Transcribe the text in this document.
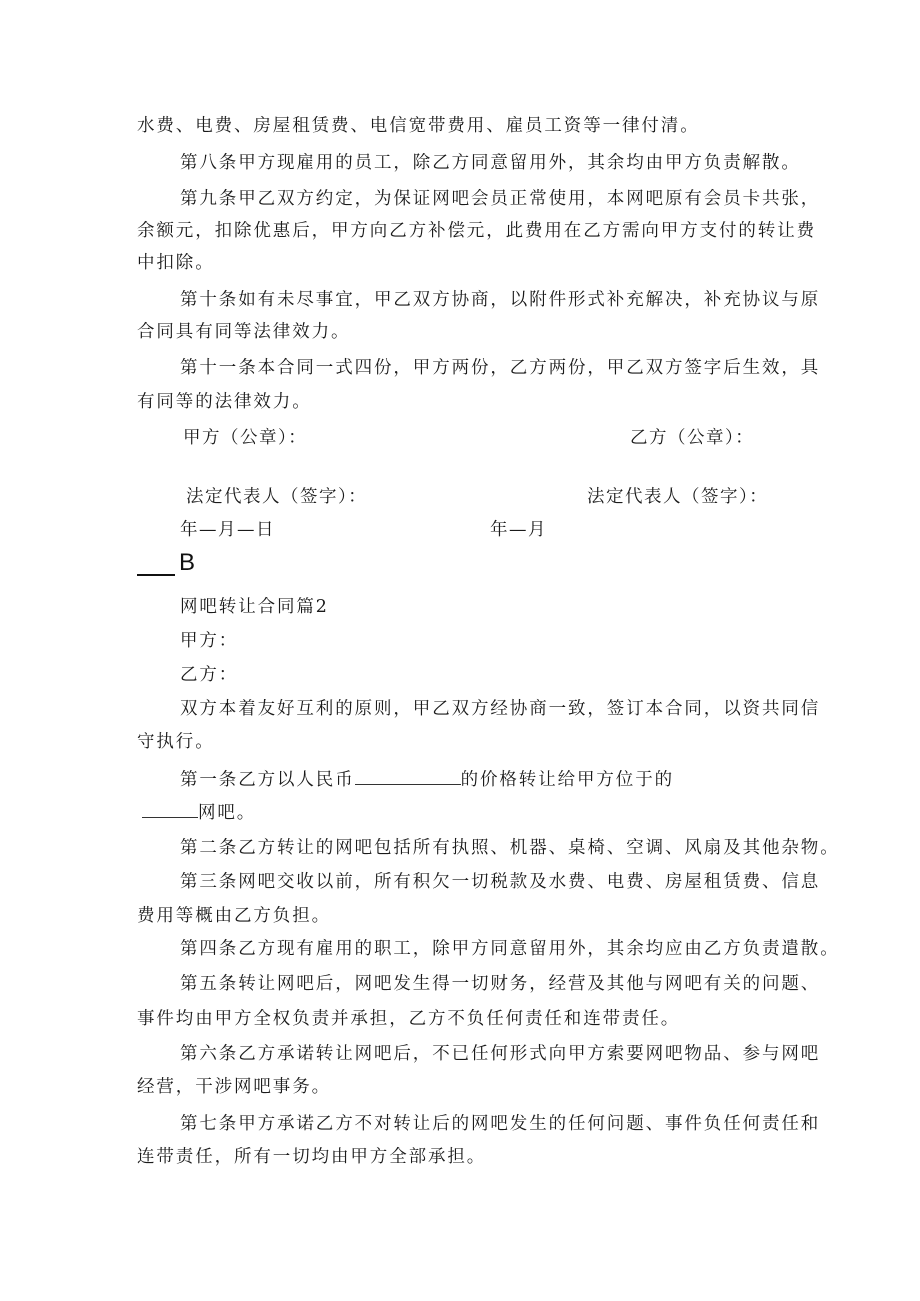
水费、电费、房屋租赁费、电信宽带费用、雇员工资等一律付清。
第八条甲方现雇用的员工，除乙方同意留用外，其余均由甲方负责解散。
第九条甲乙双方约定，为保证网吧会员正常使用，本网吧原有会员卡共张，
余额元，扣除优惠后，甲方向乙方补偿元，此费用在乙方需向甲方支付的转让费
中扣除。
第十条如有未尽事宜，甲乙双方协商，以附件形式补充解决，补充协议与原
合同具有同等法律效力。
第十一条本合同一式四份，甲方两份，乙方两份，甲乙双方签字后生效，具
有同等的法律效力。
甲方（公章）：	乙方（公章）：
法定代表人（签字）：	法定代表人（签字）：
年—月—日	年—月
B
网吧转让合同篇2
甲方：
乙方：
双方本着友好互利的原则，甲乙双方经协商一致，签订本合同，以资共同信
守执行。
第一条乙方以人民币	的价格转让给甲方位于的
网吧。
第二条乙方转让的网吧包括所有执照、机器、桌椅、空调、风扇及其他杂物。
第三条网吧交收以前，所有积欠一切税款及水费、电费、房屋租赁费、信息
费用等概由乙方负担。
第四条乙方现有雇用的职工，除甲方同意留用外，其余均应由乙方负责遣散。
第五条转让网吧后，网吧发生得一切财务，经营及其他与网吧有关的问题、
事件均由甲方全权负责并承担，乙方不负任何责任和连带责任。
第六条乙方承诺转让网吧后，不已任何形式向甲方索要网吧物品、参与网吧
经营，干涉网吧事务。
第七条甲方承诺乙方不对转让后的网吧发生的任何问题、事件负任何责任和
连带责任，所有一切均由甲方全部承担。
